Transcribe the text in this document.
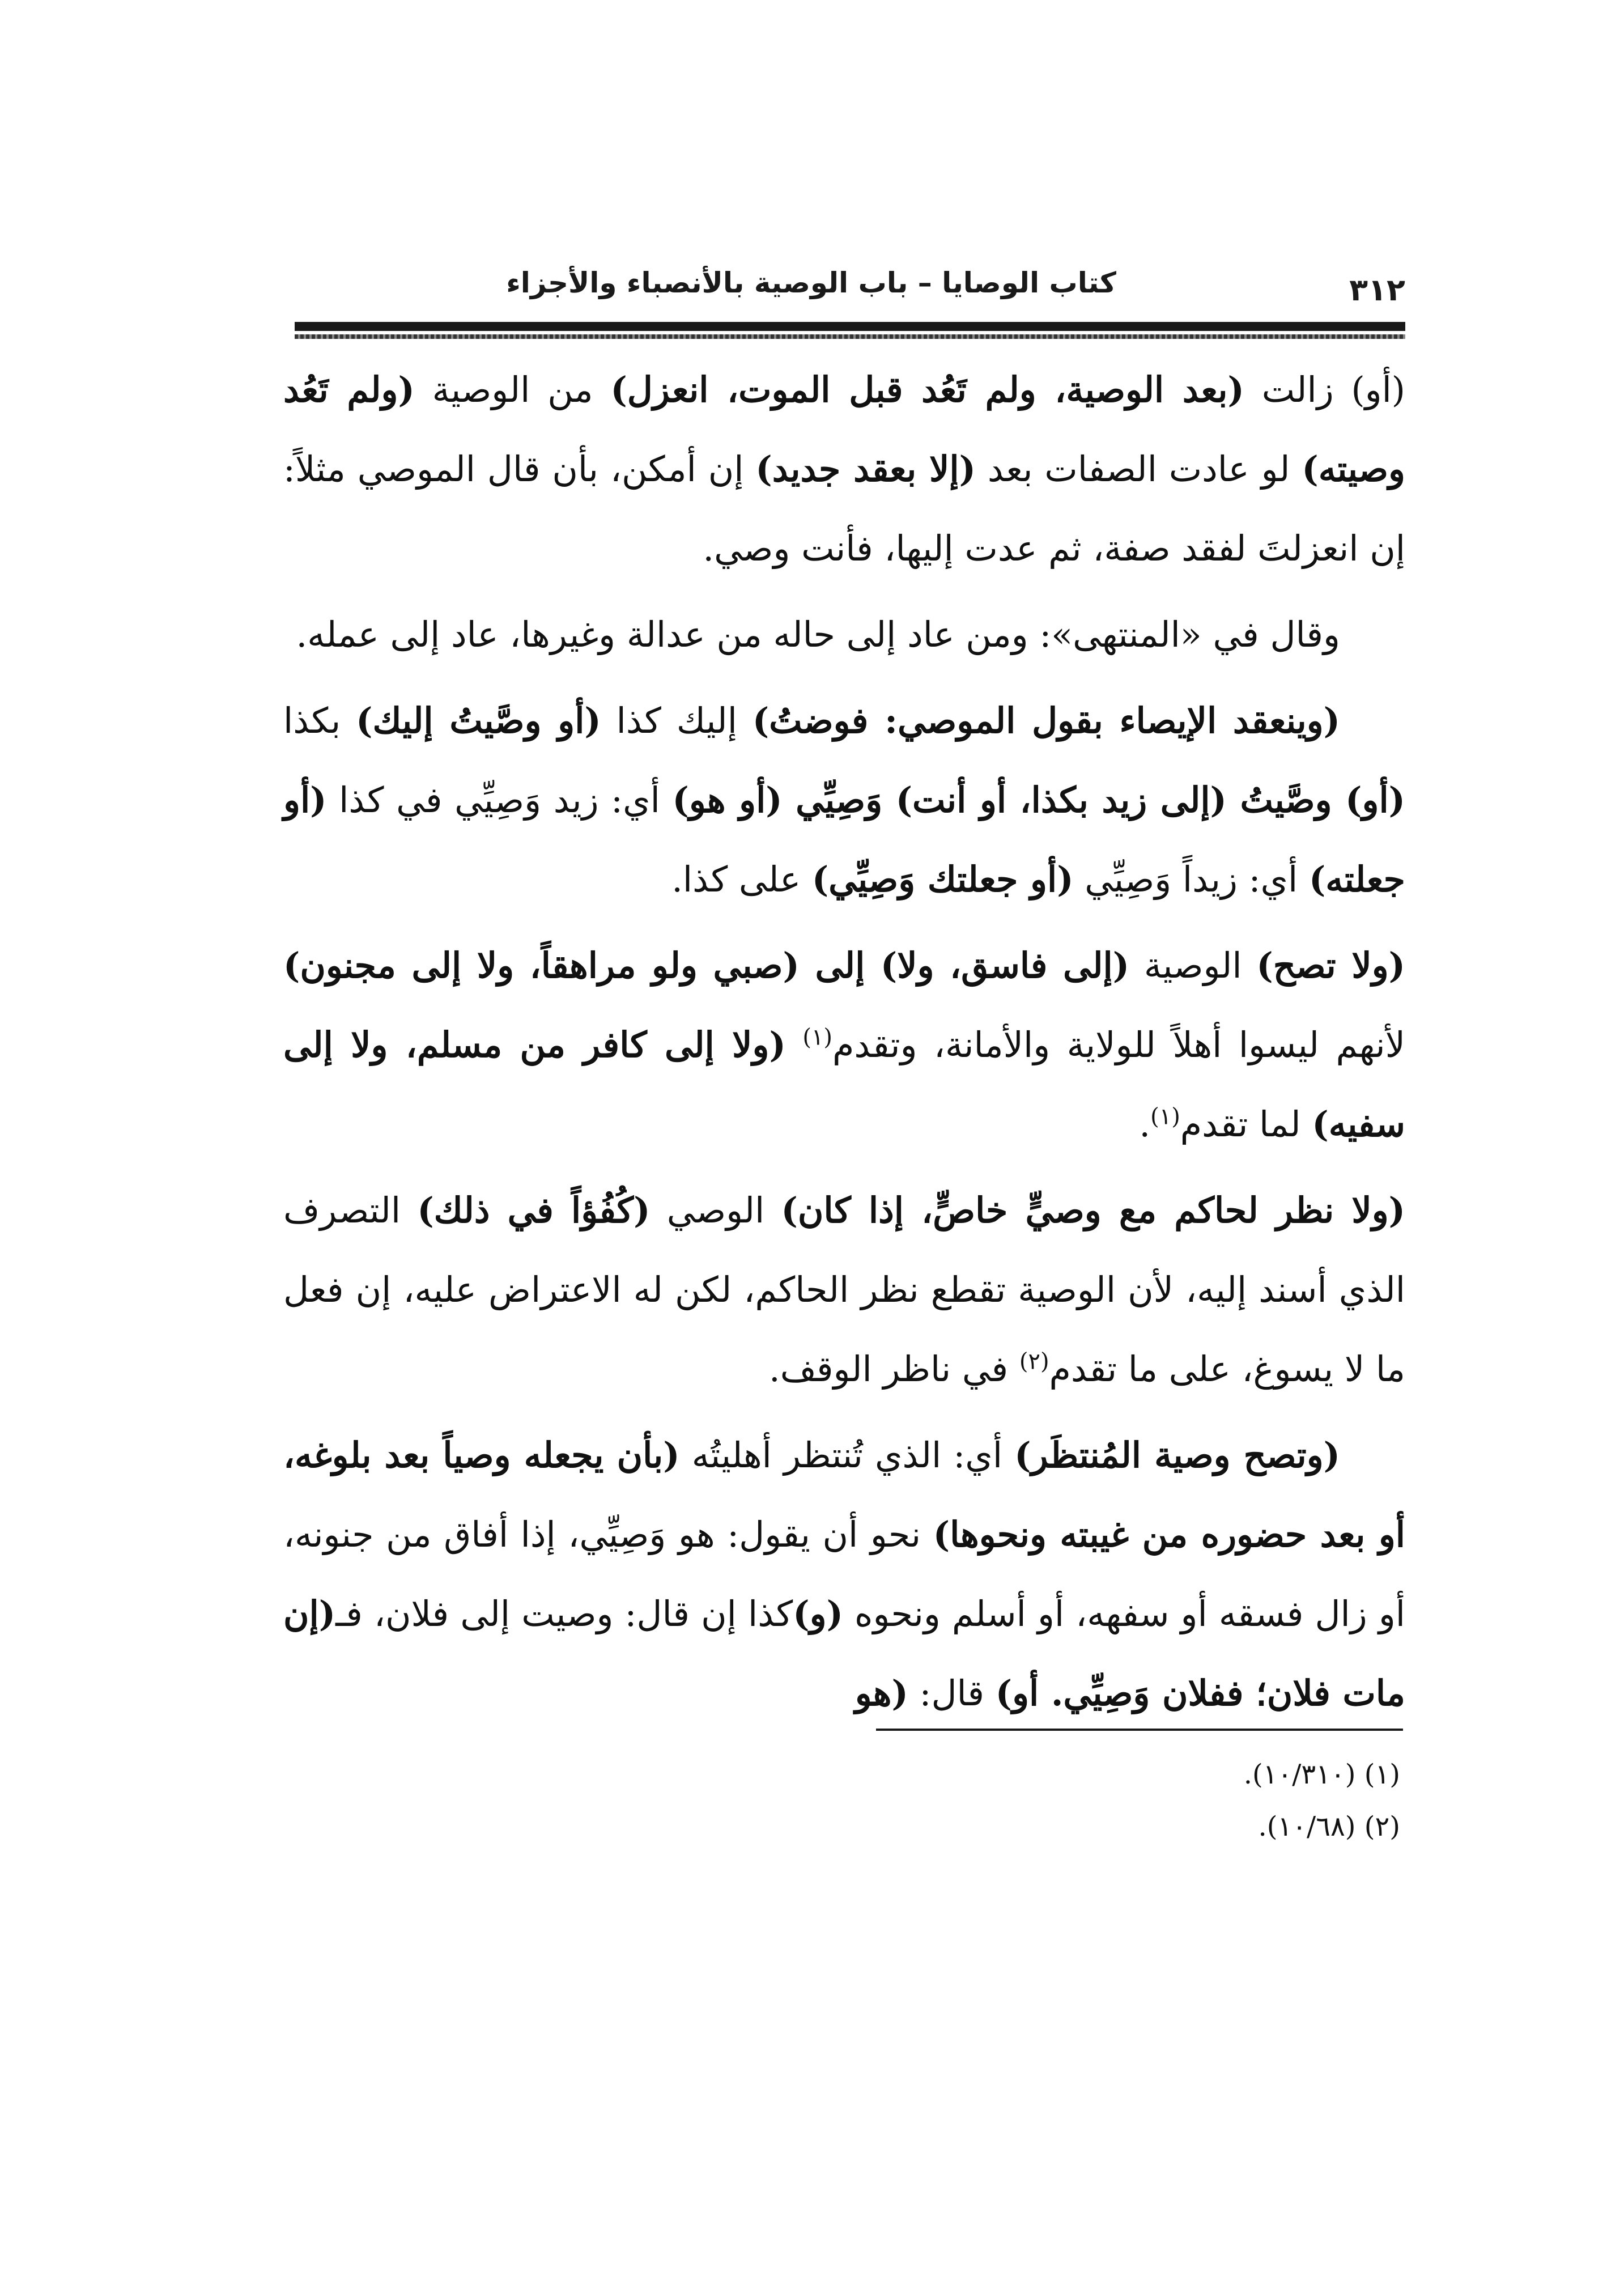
كتاب الوصايا – باب الوصية بالأنصباء والأجزاء	٣١٢

(أو) زالت (بعد الوصية، ولم تَعُد قبل الموت، انعزل) من الوصية (ولم تَعُد وصيته) لو عادت الصفات بعد (إلا بعقد جديد) إن أمكن، بأن قال الموصي مثلاً: إن انعزلتَ لفقد صفة، ثم عدت إليها، فأنت وصي.

وقال في «المنتهى»: ومن عاد إلى حاله من عدالة وغيرها، عاد إلى عمله.

(وينعقد الإيصاء بقول الموصي: فوضتُ) إليك كذا (أو وصَّيتُ إليك) بكذا (أو) وصَّيتُ (إلى زيد بكذا، أو أنت) وَصِيِّي (أو هو) أي: زيد وَصِيِّي في كذا (أو جعلته) أي: زيداً وَصِيِّي (أو جعلتك وَصِيِّي) على كذا.

(ولا تصح) الوصية (إلى فاسق، ولا) إلى (صبي ولو مراهقاً، ولا إلى مجنون) لأنهم ليسوا أهلاً للولاية والأمانة، وتقدم$^{(١)}$ (ولا إلى كافر من مسلم، ولا إلى سفيه) لما تقدم$^{(١)}$.

(ولا نظر لحاكم مع وصيٍّ خاصٍّ، إذا كان) الوصي (كُفُؤاً في ذلك) التصرف الذي أسند إليه، لأن الوصية تقطع نظر الحاكم، لكن له الاعتراض عليه، إن فعل ما لا يسوغ، على ما تقدم$^{(٢)}$ في ناظر الوقف.

(وتصح وصية المُنتظَر) أي: الذي تُنتظر أهليتُه (بأن يجعله وصياً بعد بلوغه، أو بعد حضوره من غيبته ونحوها) نحو أن يقول: هو وَصِيِّي، إذا أفاق من جنونه، أو زال فسقه أو سفهه، أو أسلم ونحوه (و)كذا إن قال: وصيت إلى فلان، فـ(إن مات فلان؛ ففلان وَصِيِّي. أو) قال: (هو

(١) (١٠/٣١٠).
(٢) (١٠/٦٨).
